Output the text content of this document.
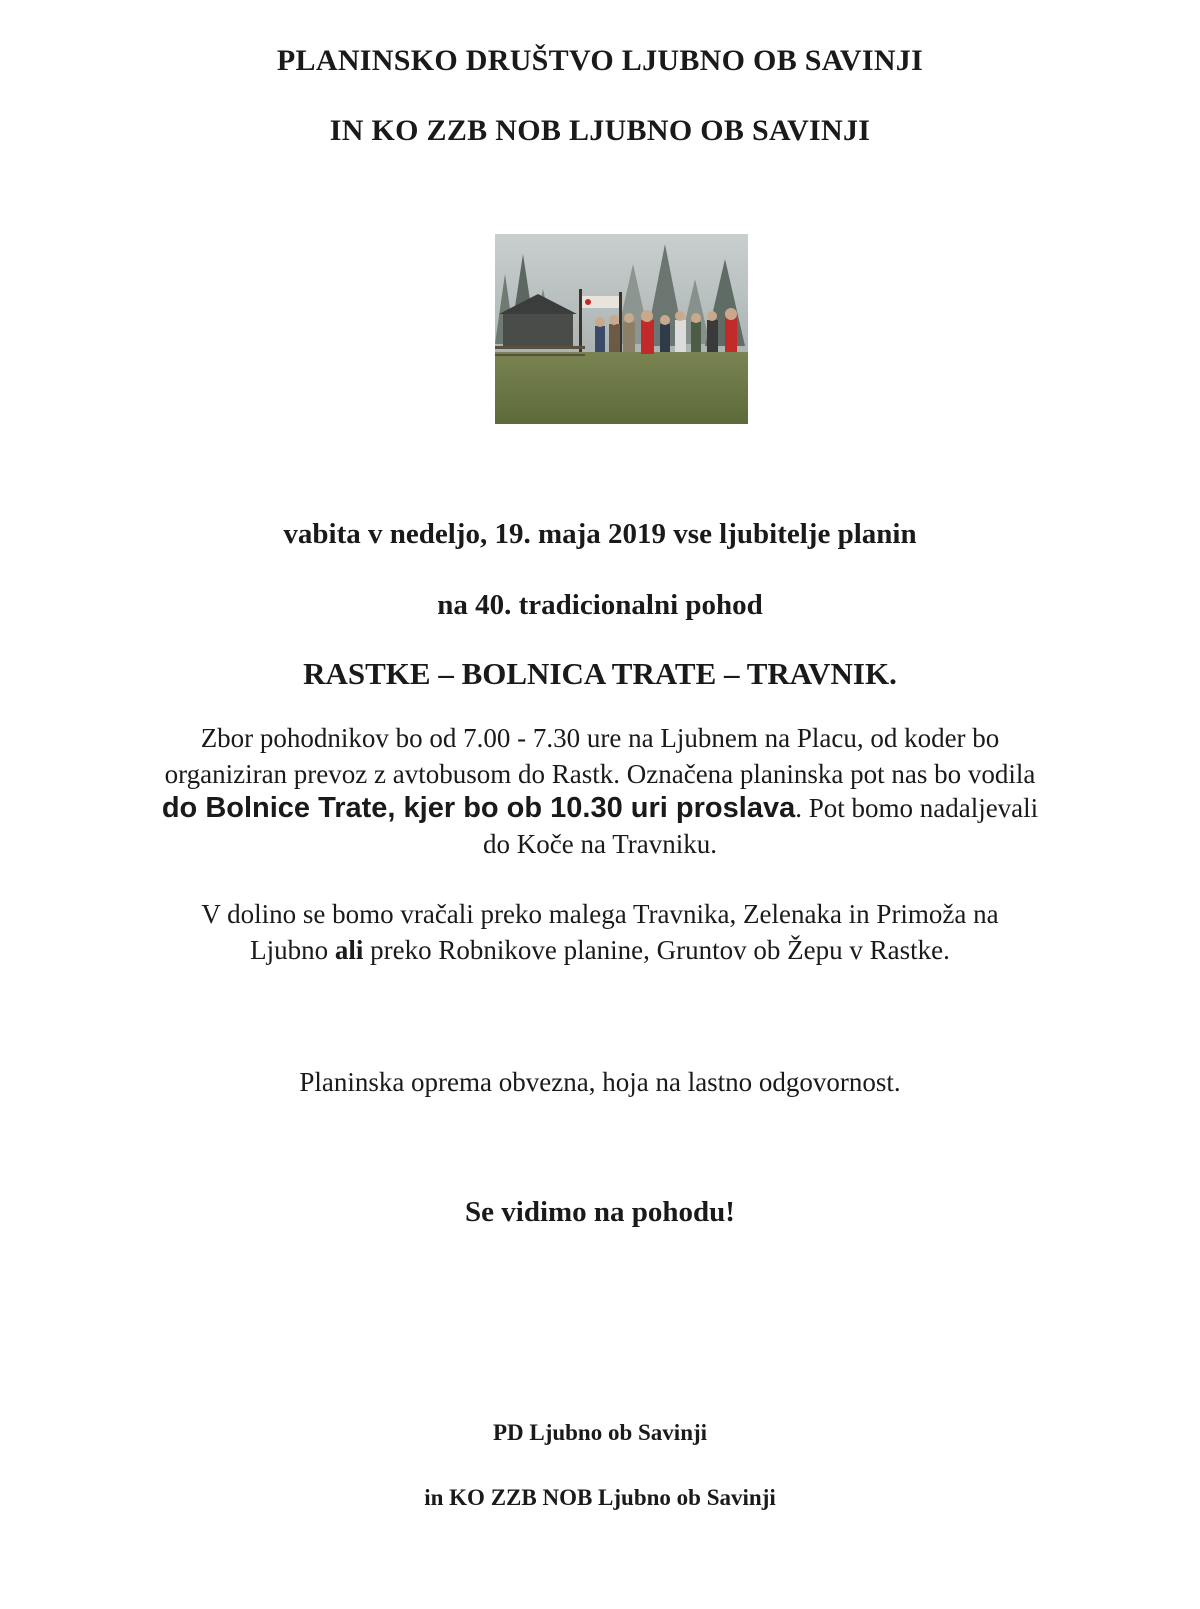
PLANINSKO DRUŠTVO LJUBNO OB SAVINJI
IN KO ZZB NOB LJUBNO OB SAVINJI
vabita v nedeljo, 19. maja 2019 vse ljubitelje planin
na 40. tradicionalni pohod
RASTKE – BOLNICA TRATE – TRAVNIK.
Zbor pohodnikov bo od 7.00 - 7.30 ure na Ljubnem na Placu, od koder bo
organiziran prevoz z avtobusom do Rastk. Označena planinska pot nas bo vodila
do Bolnice Trate, kjer bo ob 10.30 uri proslava. Pot bomo nadaljevali
do Koče na Travniku.
V dolino se bomo vračali preko malega Travnika, Zelenaka in Primoža na
Ljubno ali preko Robnikove planine, Gruntov ob Žepu v Rastke.
Planinska oprema obvezna, hoja na lastno odgovornost.
Se vidimo na pohodu!
PD Ljubno ob Savinji
in KO ZZB NOB Ljubno ob Savinji
